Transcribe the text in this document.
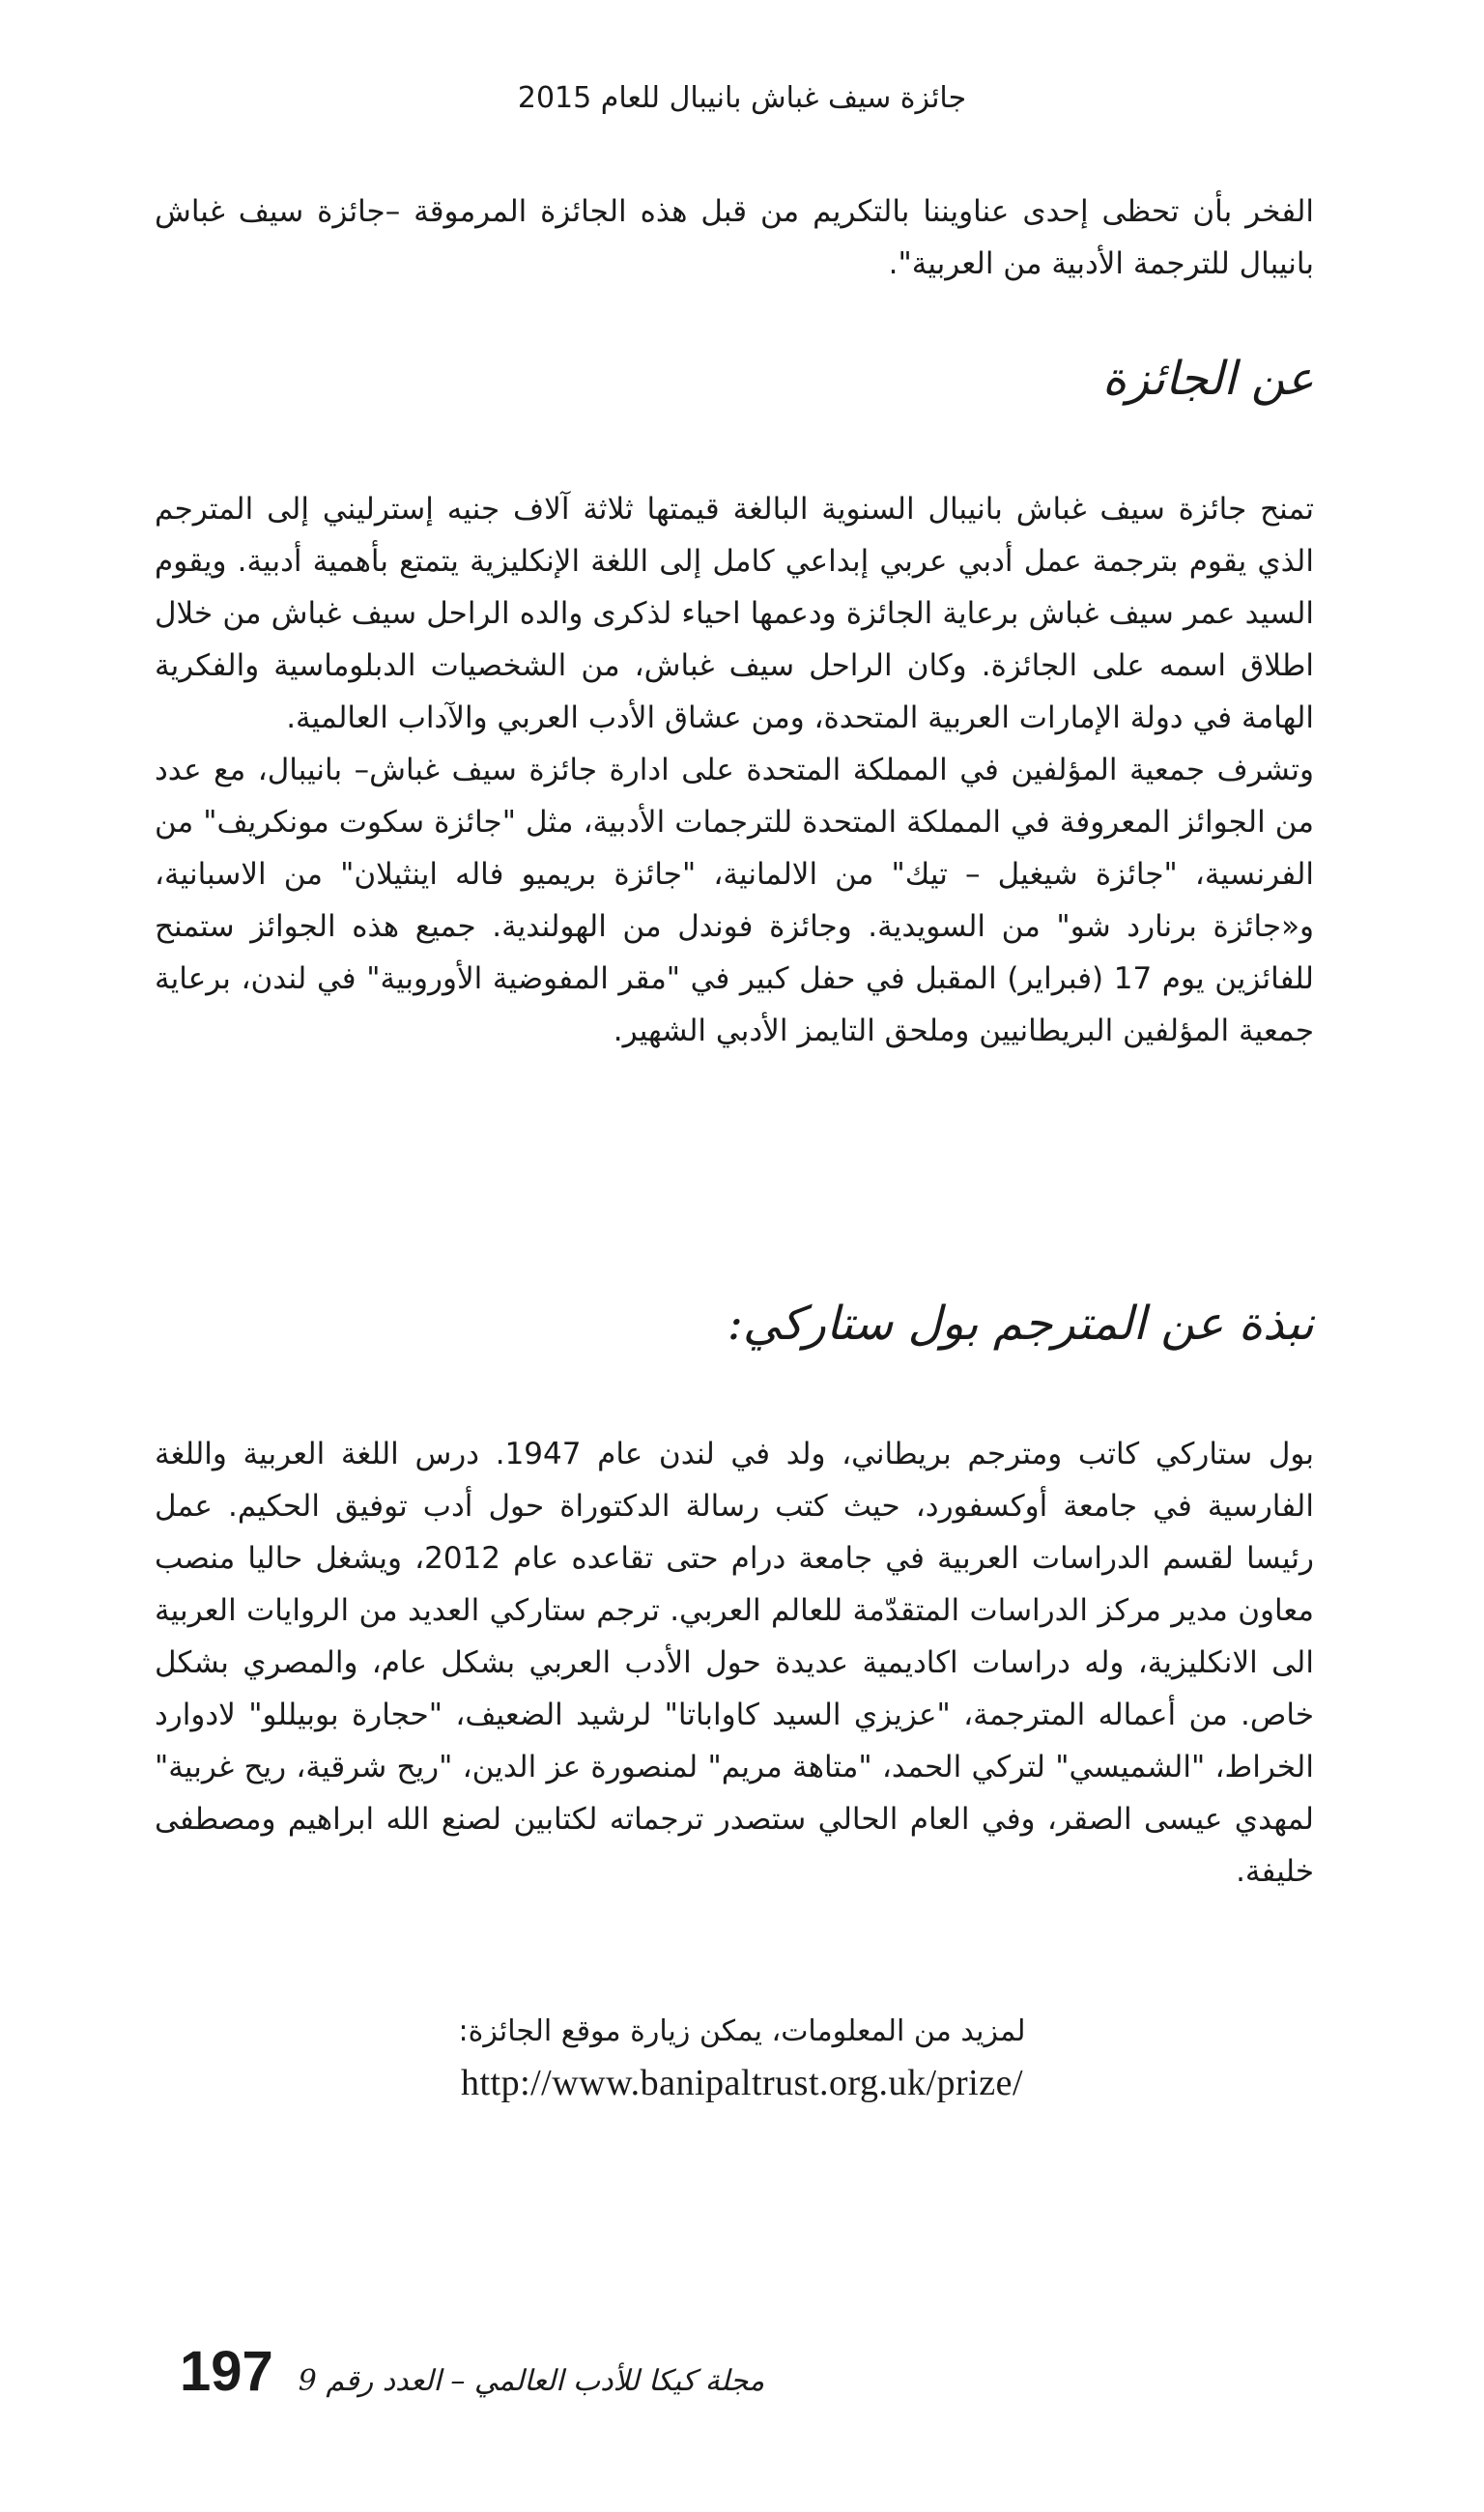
جائزة سيف غباش بانيبال للعام 2015

الفخر بأن تحظى إحدى عناويننا بالتكريم من قبل هذه الجائزة المرموقة –جائزة سيف غباش بانيبال للترجمة الأدبية من العربية".

عن الجائزة

تمنح جائزة سيف غباش بانيبال السنوية البالغة قيمتها ثلاثة آلاف جنيه إسترليني إلى المترجم الذي يقوم بترجمة عمل أدبي عربي إبداعي كامل إلى اللغة الإنكليزية يتمتع بأهمية أدبية. ويقوم السيد عمر سيف غباش برعاية الجائزة ودعمها احياء لذكرى والده الراحل سيف غباش من خلال اطلاق اسمه على الجائزة. وكان الراحل سيف غباش، من الشخصيات الدبلوماسية والفكرية الهامة في دولة الإمارات العربية المتحدة، ومن عشاق الأدب العربي والآداب العالمية.

وتشرف جمعية المؤلفين في المملكة المتحدة على ادارة جائزة سيف غباش– بانيبال، مع عدد من الجوائز المعروفة في المملكة المتحدة للترجمات الأدبية، مثل "جائزة سكوت مونكريف" من الفرنسية، "جائزة شيغيل – تيك" من الالمانية، "جائزة بريميو فاله اينثيلان" من الاسبانية، و«جائزة برنارد شو" من السويدية. وجائزة فوندل من الهولندية. جميع هذه الجوائز ستمنح للفائزين يوم 17 (فبراير) المقبل في حفل كبير في "مقر المفوضية الأوروبية" في لندن، برعاية جمعية المؤلفين البريطانيين وملحق التايمز الأدبي الشهير.

نبذة عن المترجم بول ستاركي:

بول ستاركي كاتب ومترجم بريطاني، ولد في لندن عام 1947. درس اللغة العربية واللغة الفارسية في جامعة أوكسفورد، حيث كتب رسالة الدكتوراة حول أدب توفيق الحكيم. عمل رئيسا لقسم الدراسات العربية في جامعة درام حتى تقاعده عام 2012، ويشغل حاليا منصب معاون مدير مركز الدراسات المتقدّمة للعالم العربي. ترجم ستاركي العديد من الروايات العربية الى الانكليزية، وله دراسات اكاديمية عديدة حول الأدب العربي بشكل عام، والمصري بشكل خاص. من أعماله المترجمة، "عزيزي السيد كاواباتا" لرشيد الضعيف، "حجارة بوبيللو" لادوارد الخراط، "الشميسي" لتركي الحمد، "متاهة مريم" لمنصورة عز الدين، "ريح شرقية، ريح غربية" لمهدي عيسى الصقر، وفي العام الحالي ستصدر ترجماته لكتابين لصنع الله ابراهيم ومصطفى خليفة.

لمزيد من المعلومات، يمكن زيارة موقع الجائزة:
http://www.banipaltrust.org.uk/prize/
197 مجلة كيكا للأدب العالمي – العدد رقم 9
